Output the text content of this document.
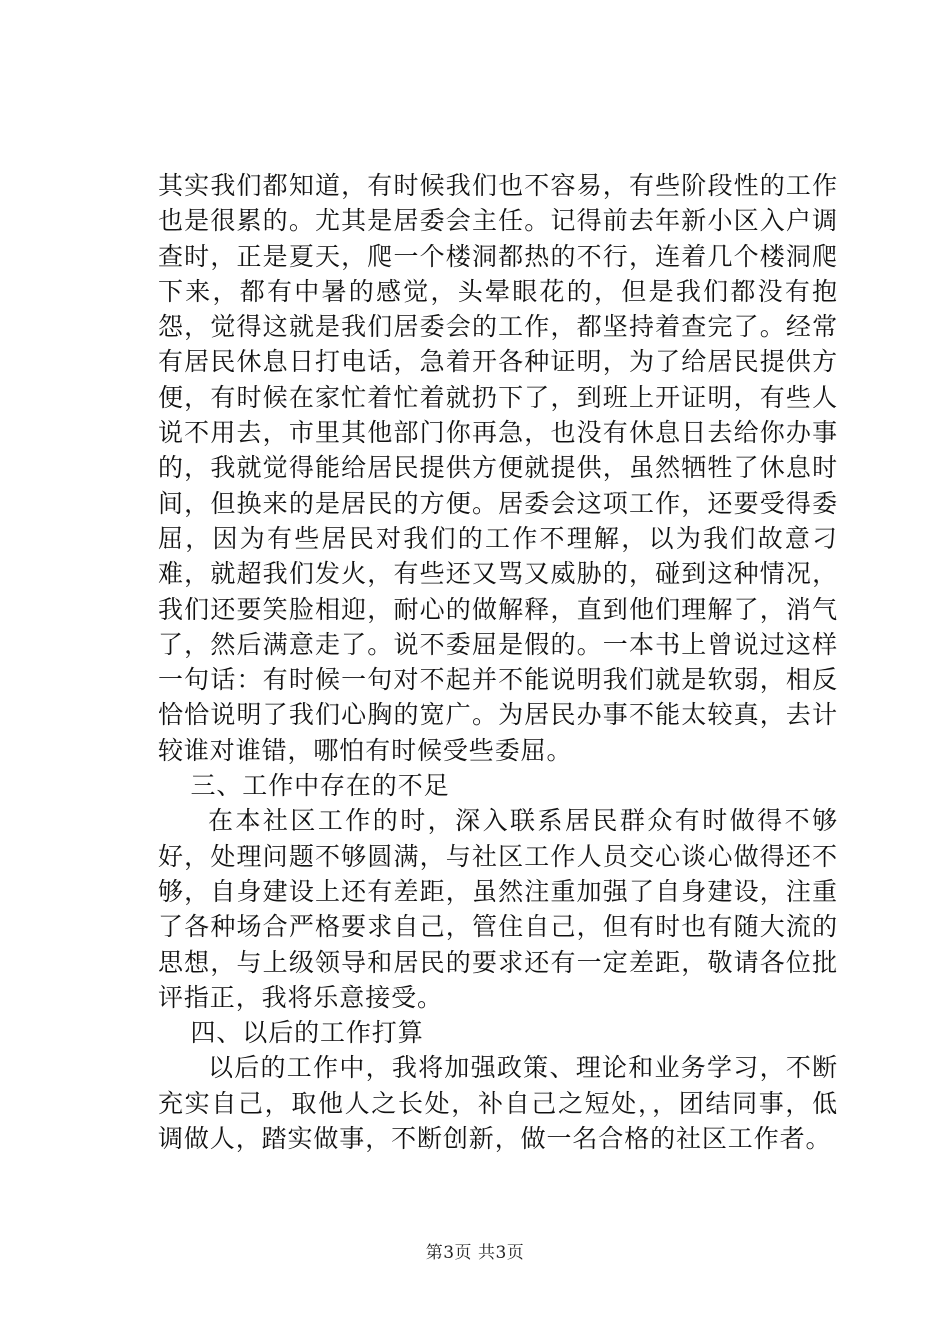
其实我们都知道，有时候我们也不容易，有些阶段性的工作也是很累的。尤其是居委会主任。记得前去年新小区入户调查时，正是夏天，爬一个楼洞都热的不行，连着几个楼洞爬下来，都有中暑的感觉，头晕眼花的，但是我们都没有抱怨，觉得这就是我们居委会的工作，都坚持着查完了。经常有居民休息日打电话，急着开各种证明，为了给居民提供方便，有时候在家忙着忙着就扔下了，到班上开证明，有些人说不用去，市里其他部门你再急，也没有休息日去给你办事的，我就觉得能给居民提供方便就提供，虽然牺牲了休息时间，但换来的是居民的方便。居委会这项工作，还要受得委屈，因为有些居民对我们的工作不理解，以为我们故意刁难，就超我们发火，有些还又骂又威胁的，碰到这种情况，我们还要笑脸相迎，耐心的做解释，直到他们理解了，消气了，然后满意走了。说不委屈是假的。一本书上曾说过这样一句话：有时候一句对不起并不能说明我们就是软弱，相反恰恰说明了我们心胸的宽广。为居民办事不能太较真，去计较谁对谁错，哪怕有时候受些委屈。

三、工作中存在的不足

在本社区工作的时，深入联系居民群众有时做得不够好，处理问题不够圆满，与社区工作人员交心谈心做得还不够，自身建设上还有差距，虽然注重加强了自身建设，注重了各种场合严格要求自己，管住自己，但有时也有随大流的思想，与上级领导和居民的要求还有一定差距，敬请各位批评指正，我将乐意接受。

四、以后的工作打算

以后的工作中，我将加强政策、理论和业务学习，不断充实自己，取他人之长处，补自己之短处，，团结同事，低调做人，踏实做事，不断创新，做一名合格的社区工作者。

第3页 共3页
